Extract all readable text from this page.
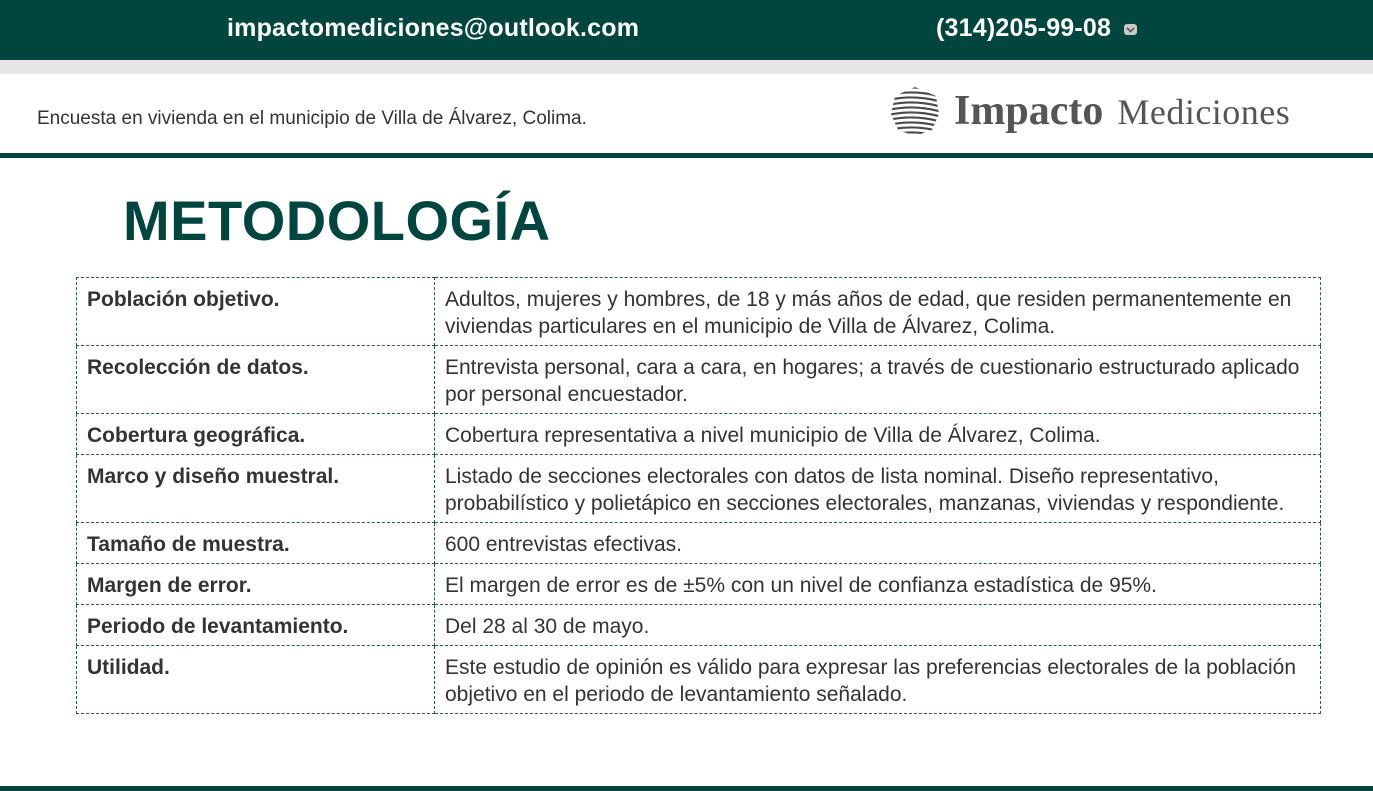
impactomediciones@outlook.com	(314)205-99-08
Encuesta en vivienda en el municipio de Villa de Álvarez, Colima.	Impacto Mediciones
METODOLOGÍA
Población objetivo.	Adultos, mujeres y hombres, de 18 y más años de edad, que residen permanentemente en viviendas particulares en el municipio de Villa de Álvarez, Colima.
Recolección de datos.	Entrevista personal, cara a cara, en hogares; a través de cuestionario estructurado aplicado por personal encuestador.
Cobertura geográfica.	Cobertura representativa a nivel municipio de Villa de Álvarez, Colima.
Marco y diseño muestral.	Listado de secciones electorales con datos de lista nominal. Diseño representativo, probabilístico y polietápico en secciones electorales, manzanas, viviendas y respondiente.
Tamaño de muestra.	600 entrevistas efectivas.
Margen de error.	El margen de error es de ±5% con un nivel de confianza estadística de 95%.
Periodo de levantamiento.	Del 28 al 30 de mayo.
Utilidad.	Este estudio de opinión es válido para expresar las preferencias electorales de la población objetivo en el periodo de levantamiento señalado.
